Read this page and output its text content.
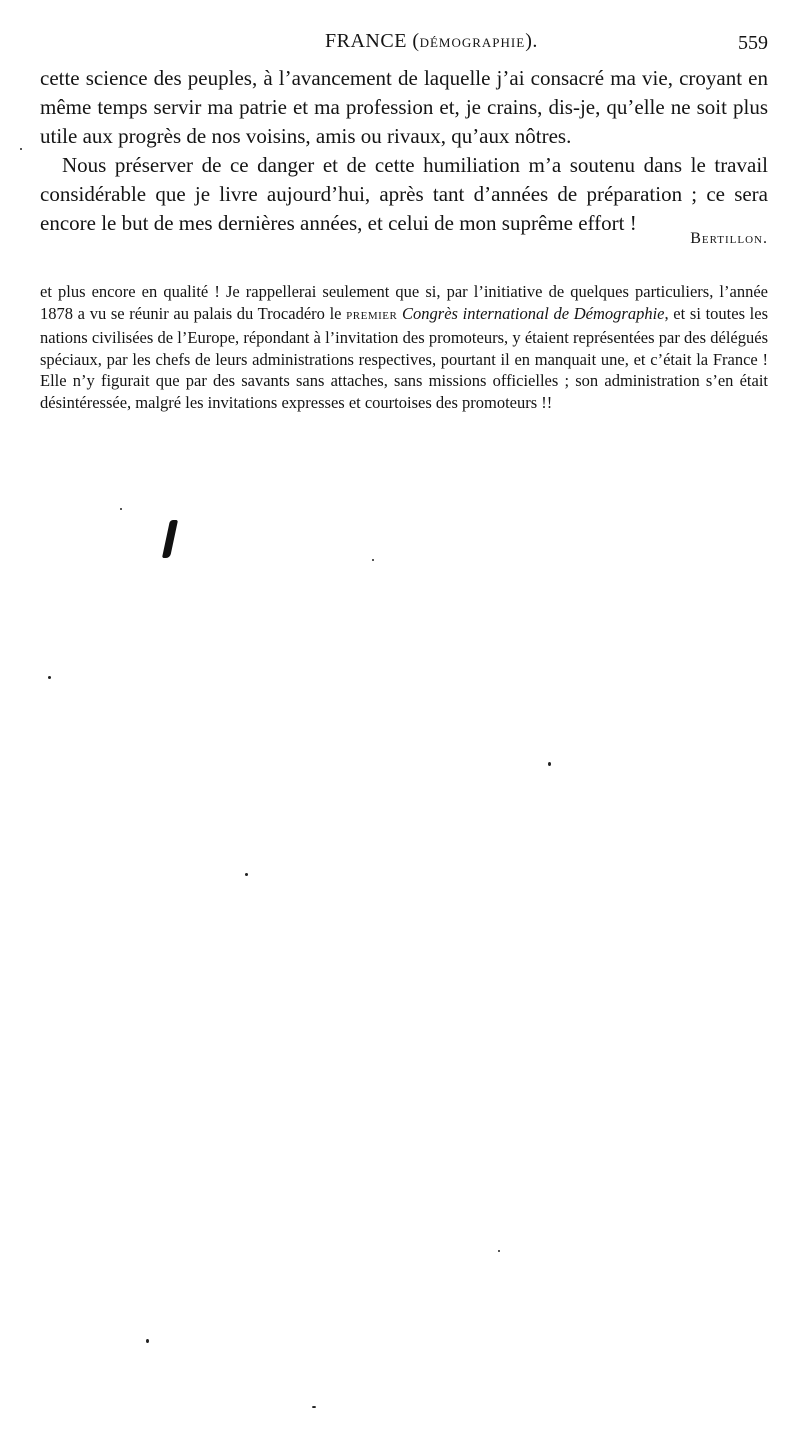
FRANCE (DÉMOGRAPHIE).	559

cette science des peuples, à l’avancement de laquelle j’ai consacré ma vie, croyant en même temps servir ma patrie et ma profession et, je crains, dis-je, qu’elle ne soit plus utile aux progrès de nos voisins, amis ou rivaux, qu’aux nôtres.

Nous préserver de ce danger et de cette humiliation m’a soutenu dans le travail considérable que je livre aujourd’hui, après tant d’années de préparation ; ce sera encore le but de mes dernières années, et celui de mon suprême effort !

Bertillon.

et plus encore en qualité ! Je rappellerai seulement que si, par l’initiative de quelques particuliers, l’année 1878 a vu se réunir au palais du Trocadéro le PREMIER Congrès international de Démographie, et si toutes les nations civilisées de l’Europe, répondant à l’invitation des promoteurs, y étaient représentées par des délégués spéciaux, par les chefs de leurs administrations respectives, pourtant il en manquait une, et c’était la France ! Elle n’y figurait que par des savants sans attaches, sans missions officielles ; son administration s’en était désintéressée, malgré les invitations expresses et courtoises des promoteurs !!
